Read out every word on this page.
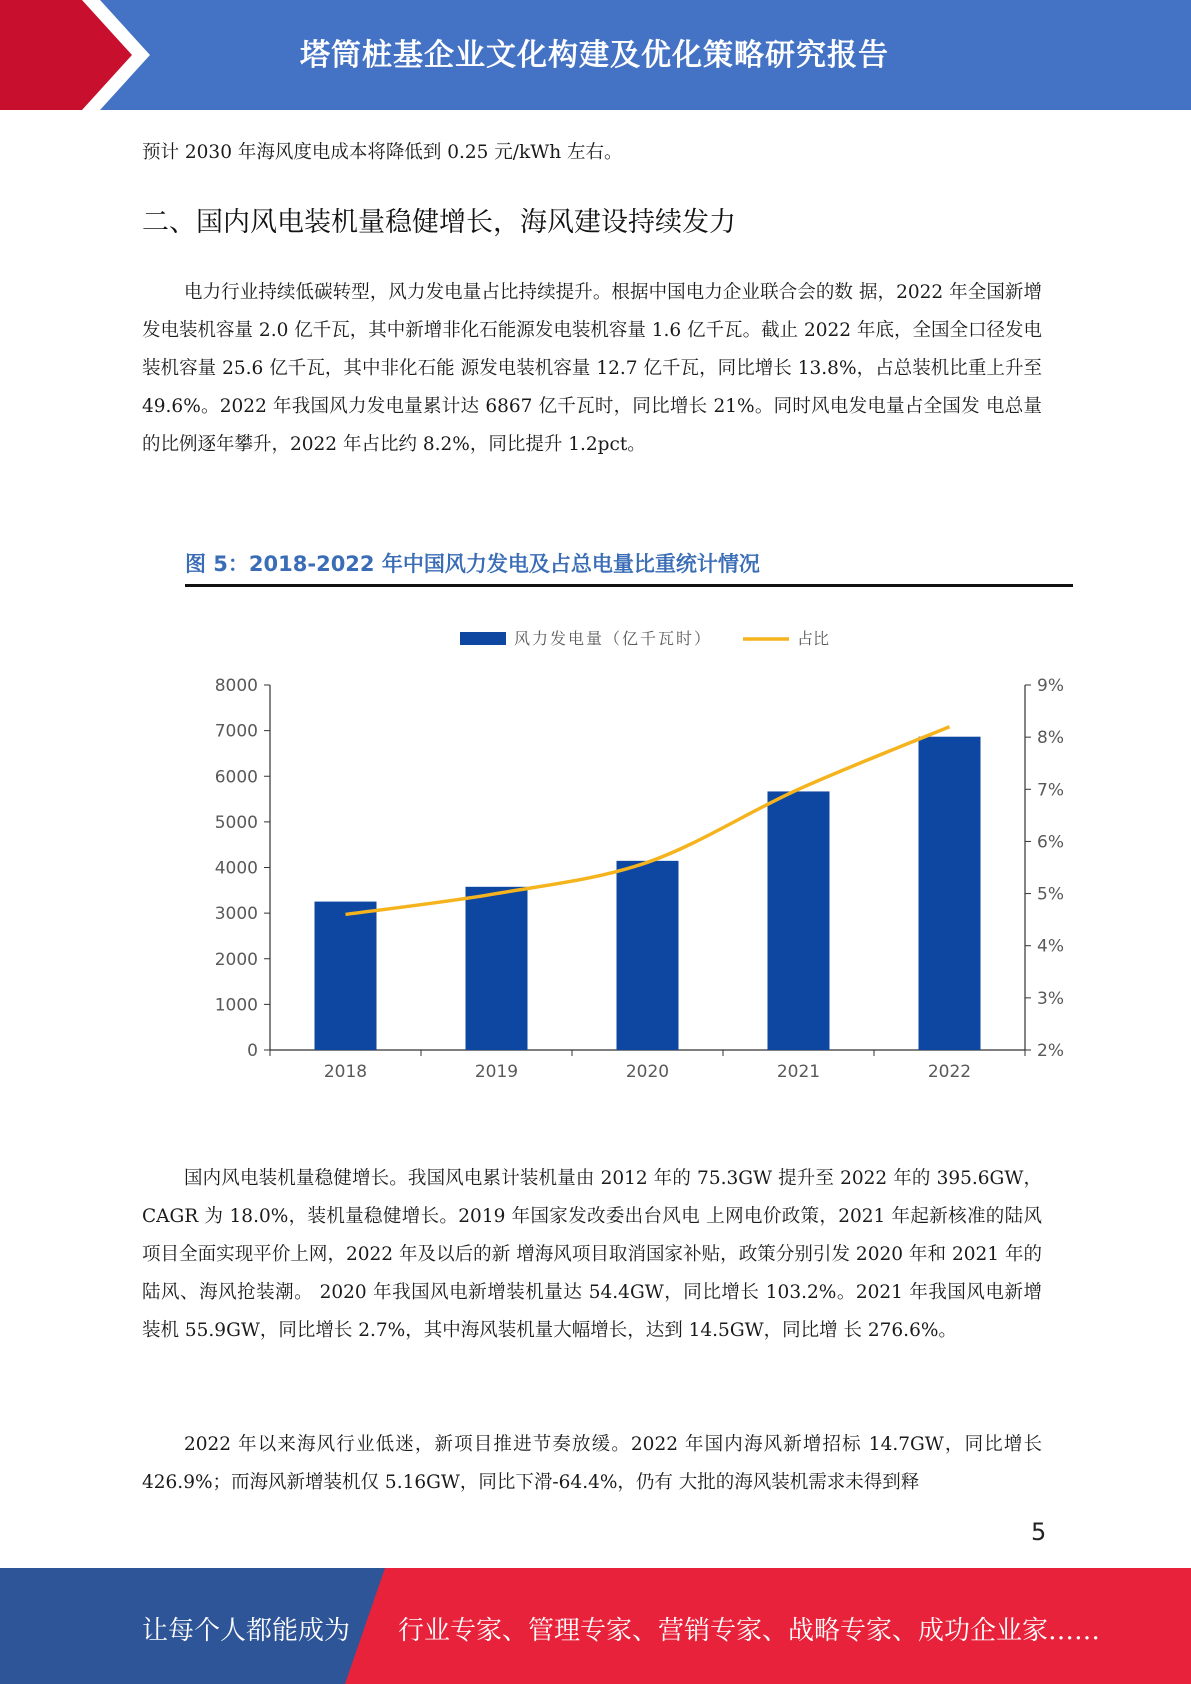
塔筒桩基企业文化构建及优化策略研究报告
预计 2030 年海风度电成本将降低到 0.25 元/kWh 左右。
二、国内风电装机量稳健增长，海风建设持续发力
电力行业持续低碳转型，风力发电量占比持续提升。根据中国电力企业联合会的数 据，2022 年全国新增发电装机容量 2.0 亿千瓦，其中新增非化石能源发电装机容量 1.6 亿千瓦。截止 2022 年底，全国全口径发电装机容量 25.6 亿千瓦，其中非化石能 源发电装机容量 12.7 亿千瓦，同比增长 13.8%，占总装机比重上升至 49.6%。2022 年我国风力发电量累计达 6867 亿千瓦时，同比增长 21%。同时风电发电量占全国发 电总量的比例逐年攀升，2022 年占比约 8.2%，同比提升 1.2pct。
0
1000
2000
3000
4000
5000
6000
7000
8000
2%
3%
4%
5%
6%
7%
8%
9%
2018	2019	2020	2021	2022
风力发电量（亿千瓦时）	占比
图 5：2018-2022 年中国风力发电及占总电量比重统计情况
国内风电装机量稳健增长。我国风电累计装机量由 2012 年的 75.3GW 提升至 2022 年的 395.6GW，CAGR 为 18.0%，装机量稳健增长。2019 年国家发改委出台风电 上网电价政策，2021 年起新核准的陆风项目全面实现平价上网，2022 年及以后的新 增海风项目取消国家补贴，政策分别引发 2020 年和 2021 年的陆风、海风抢装潮。 2020 年我国风电新增装机量达 54.4GW，同比增长 103.2%。2021 年我国风电新增 装机 55.9GW，同比增长 2.7%，其中海风装机量大幅增长，达到 14.5GW，同比增 长 276.6%。
2022 年以来海风行业低迷，新项目推进节奏放缓。2022 年国内海风新增招标 14.7GW，同比增长 426.9%；而海风新增装机仅 5.16GW，同比下滑-64.4%，仍有 大批的海风装机需求未得到释
5
让每个人都能成为 行业专家、管理专家、营销专家、战略专家、成功企业家……
